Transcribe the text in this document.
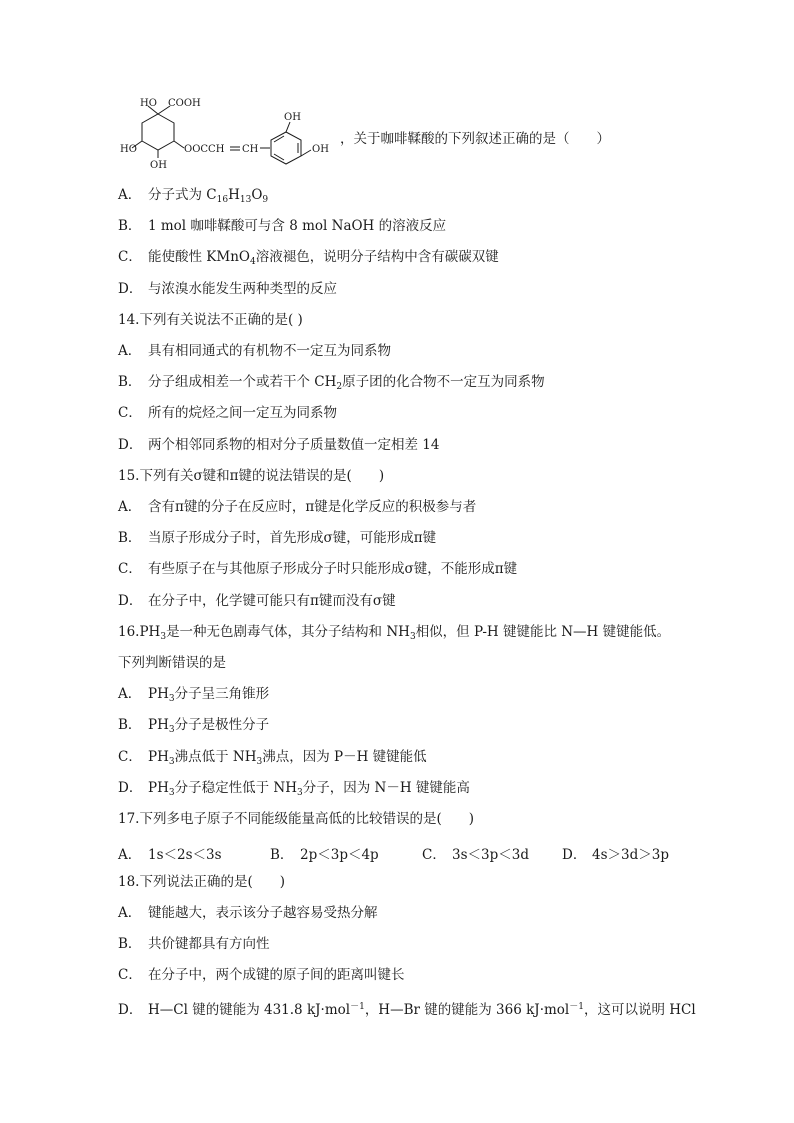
HO COOH
HO
OH
OOCCH CH
OH
OH
，关于咖啡鞣酸的下列叙述正确的是（　　）
A． 分子式为 $C_{16}H_{13}O_9$
B． 1 mol 咖啡鞣酸可与含 8 mol NaOH 的溶液反应
C． 能使酸性 KMnO$_4$溶液褪色，说明分子结构中含有碳碳双键
D． 与浓溴水能发生两种类型的反应
14.下列有关说法不正确的是( )
A． 具有相同通式的有机物不一定互为同系物
B． 分子组成相差一个或若干个 $CH_2$原子团的化合物不一定互为同系物
C． 所有的烷烃之间一定互为同系物
D． 两个相邻同系物的相对分子质量数值一定相差 14
15.下列有关σ键和π键的说法错误的是(　　)
A． 含有π键的分子在反应时，π键是化学反应的积极参与者
B． 当原子形成分子时，首先形成σ键，可能形成π键
C． 有些原子在与其他原子形成分子时只能形成σ键，不能形成π键
D． 在分子中，化学键可能只有π键而没有σ键
$16.PH_3$是一种无色剧毒气体，其分子结构和 $NH_3$相似，但 P-H 键键能比 N—H 键键能低。
下列判断错误的是
A． $PH_3$分子呈三角锥形
B． $PH_3$分子是极性分子
C． $PH_3$沸点低于 $NH_3$沸点，因为 P－H 键键能低
D． $PH_3$分子稳定性低于 $NH_3$分子，因为 N－H 键键能高
17.下列多电子原子不同能级能量高低的比较错误的是(　　)
A． 1s＜2s＜3s	B． 2p＜3p＜4p	C． 3s＜3p＜3d D． 4s＞3d＞3p
18.下列说法正确的是(　　)
A． 键能越大，表示该分子越容易受热分解
B． 共价键都具有方向性
C． 在分子中，两个成键的原子间的距离叫键长
D． H—Cl 键的键能为 431.8 kJ·mol$^{-1}$，H—Br 键的键能为 366 kJ·mol$^{-1}$，这可以说明 HCl
